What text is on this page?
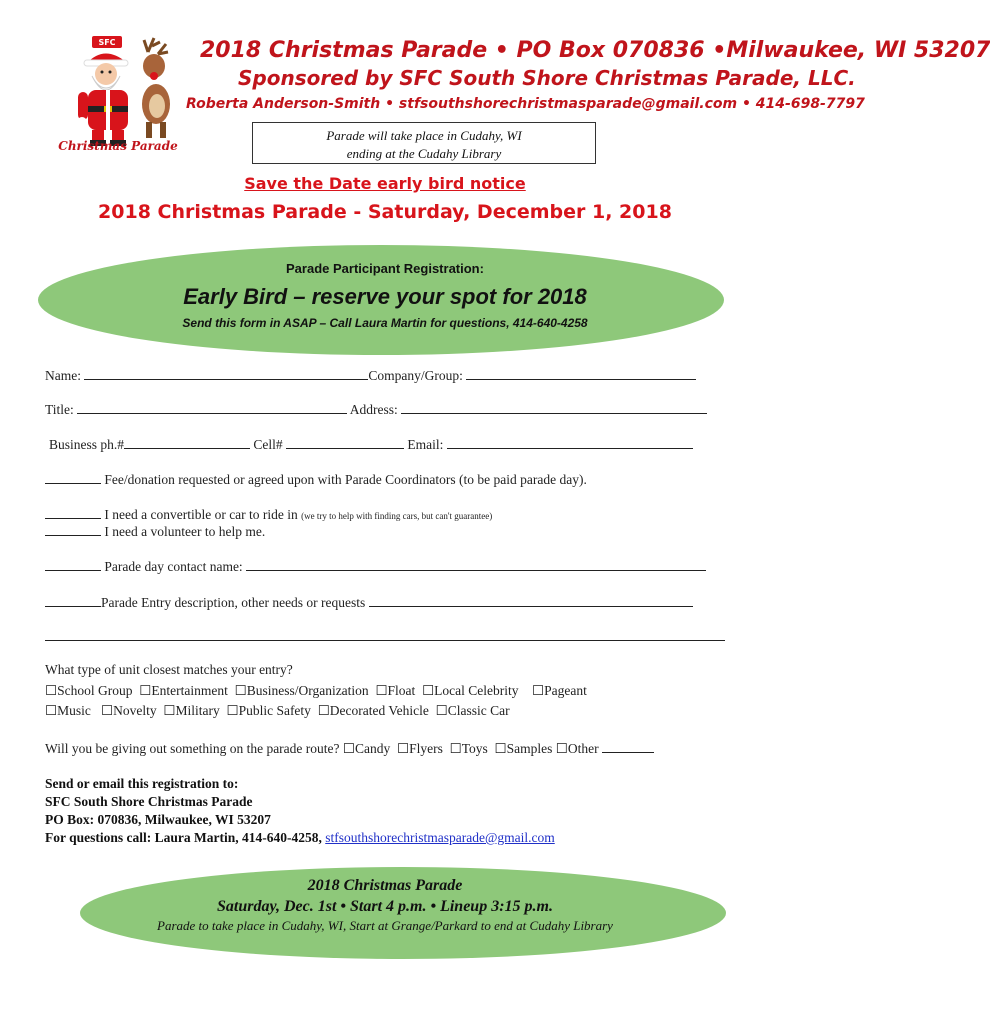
SFC
Christmas Parade
2018 Christmas Parade • PO Box 070836 •Milwaukee, WI 53207
Sponsored by SFC South Shore Christmas Parade, LLC.
Roberta Anderson-Smith • stfsouthshorechristmasparade@gmail.com • 414-698-7797
Parade will take place in Cudahy, WI
ending at the Cudahy Library
Save the Date early bird notice
2018 Christmas Parade - Saturday, December 1, 2018
Parade Participant Registration:
Early Bird – reserve your spot for 2018
Send this form in ASAP – Call Laura Martin for questions, 414-640-4258
Name:	Company/Group:
Title:	Address:
Business ph.#	Cell#	Email:
Fee/donation requested or agreed upon with Parade Coordinators (to be paid parade day).
I need a convertible or car to ride in (we try to help with finding cars, but can't guarantee)
I need a volunteer to help me.
Parade day contact name:
Parade Entry description, other needs or requests
What type of unit closest matches your entry?
☐School Group ☐Entertainment ☐Business/Organization ☐Float ☐Local Celebrity ☐Pageant
☐Music ☐Novelty ☐Military ☐Public Safety ☐Decorated Vehicle ☐Classic Car
Will you be giving out something on the parade route? ☐Candy ☐Flyers ☐Toys ☐Samples ☐Other
Send or email this registration to:
SFC South Shore Christmas Parade
PO Box: 070836, Milwaukee, WI 53207
For questions call: Laura Martin, 414-640-4258, stfsouthshorechristmasparade@gmail.com
2018 Christmas Parade
Saturday, Dec. 1st • Start 4 p.m. • Lineup 3:15 p.m.
Parade to take place in Cudahy, WI, Start at Grange/Parkard to end at Cudahy Library
